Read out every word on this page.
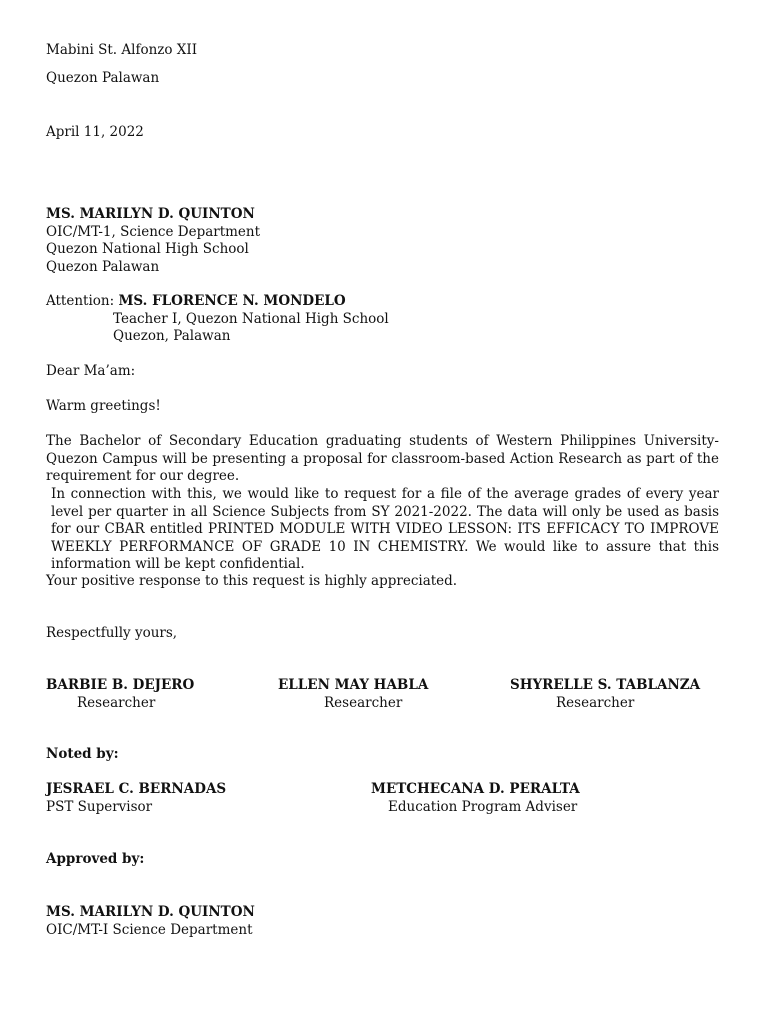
Mabini St. Alfonzo XII

Quezon Palawan

April 11, 2022

MS. MARILYN D. QUINTON

OIC/MT-1, Science Department

Quezon National High School

Quezon Palawan

Attention: MS. FLORENCE N. MONDELO

Teacher I, Quezon National High School

Quezon, Palawan

Dear Ma’am:

Warm greetings!

The Bachelor of Secondary Education graduating students of Western Philippines University- Quezon Campus will be presenting a proposal for classroom-based Action Research as part of the requirement for our degree.

In connection with this, we would like to request for a file of the average grades of every year level per quarter in all Science Subjects from SY 2021-2022. The data will only be used as basis for our CBAR entitled PRINTED MODULE WITH VIDEO LESSON: ITS EFFICACY TO IMPROVE WEEKLY PERFORMANCE OF GRADE 10 IN CHEMISTRY. We would like to assure that this information will be kept confidential.

Your positive response to this request is highly appreciated.

Respectfully yours,

BARBIE B. DEJERO
Researcher
ELLEN MAY HABLA
Researcher
SHYRELLE S. TABLANZA
Researcher

Noted by:

JESRAEL C. BERNADAS
PST Supervisor
METCHECANA D. PERALTA
Education Program Adviser

Approved by:

MS. MARILYN D. QUINTON

OIC/MT-I Science Department
